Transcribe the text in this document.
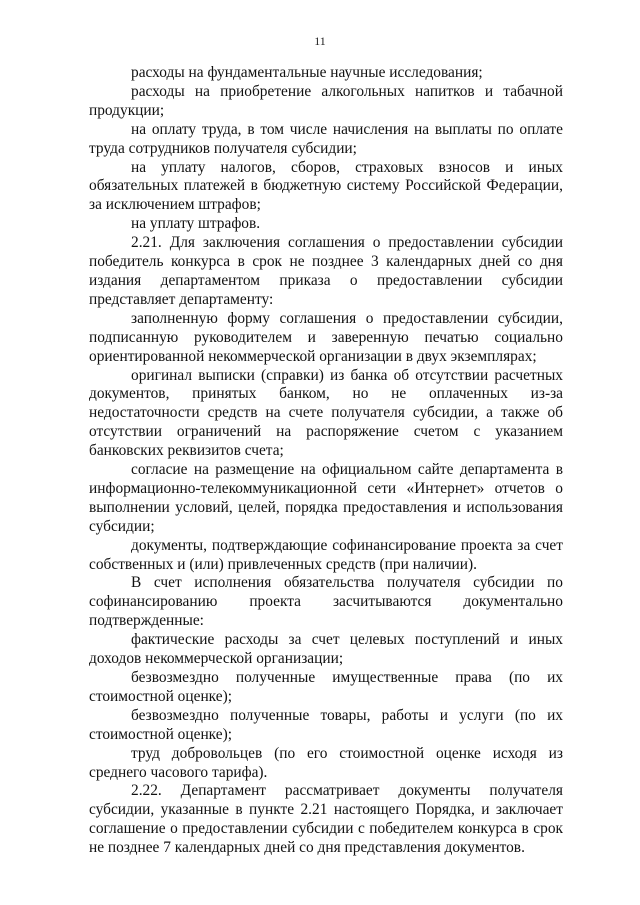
11

расходы на фундаментальные научные исследования;

расходы на приобретение алкогольных напитков и табачной продукции;

на оплату труда, в том числе начисления на выплаты по оплате труда сотрудников получателя субсидии;

на уплату налогов, сборов, страховых взносов и иных обязательных платежей в бюджетную систему Российской Федерации, за исключением штрафов;

на уплату штрафов.

2.21. Для заключения соглашения о предоставлении субсидии победитель конкурса в срок не позднее 3 календарных дней со дня издания департаментом приказа о предоставлении субсидии представляет департаменту:

заполненную форму соглашения о предоставлении субсидии, подписанную руководителем и заверенную печатью социально ориентированной некоммерческой организации в двух экземплярах;

оригинал выписки (справки) из банка об отсутствии расчетных документов, принятых банком, но не оплаченных из-за недостаточности средств на счете получателя субсидии, а также об отсутствии ограничений на распоряжение счетом с указанием банковских реквизитов счета;

согласие на размещение на официальном сайте департамента в информационно-телекоммуникационной сети «Интернет» отчетов о выполнении условий, целей, порядка предоставления и использования субсидии;

документы, подтверждающие софинансирование проекта за счет собственных и (или) привлеченных средств (при наличии).

В счет исполнения обязательства получателя субсидии по софинансированию проекта засчитываются документально подтвержденные:

фактические расходы за счет целевых поступлений и иных доходов некоммерческой организации;

безвозмездно полученные имущественные права (по их стоимостной оценке);

безвозмездно полученные товары, работы и услуги (по их стоимостной оценке);

труд добровольцев (по его стоимостной оценке исходя из среднего часового тарифа).

2.22. Департамент рассматривает документы получателя субсидии, указанные в пункте 2.21 настоящего Порядка, и заключает соглашение о предоставлении субсидии с победителем конкурса в срок не позднее 7 календарных дней со дня представления документов.
